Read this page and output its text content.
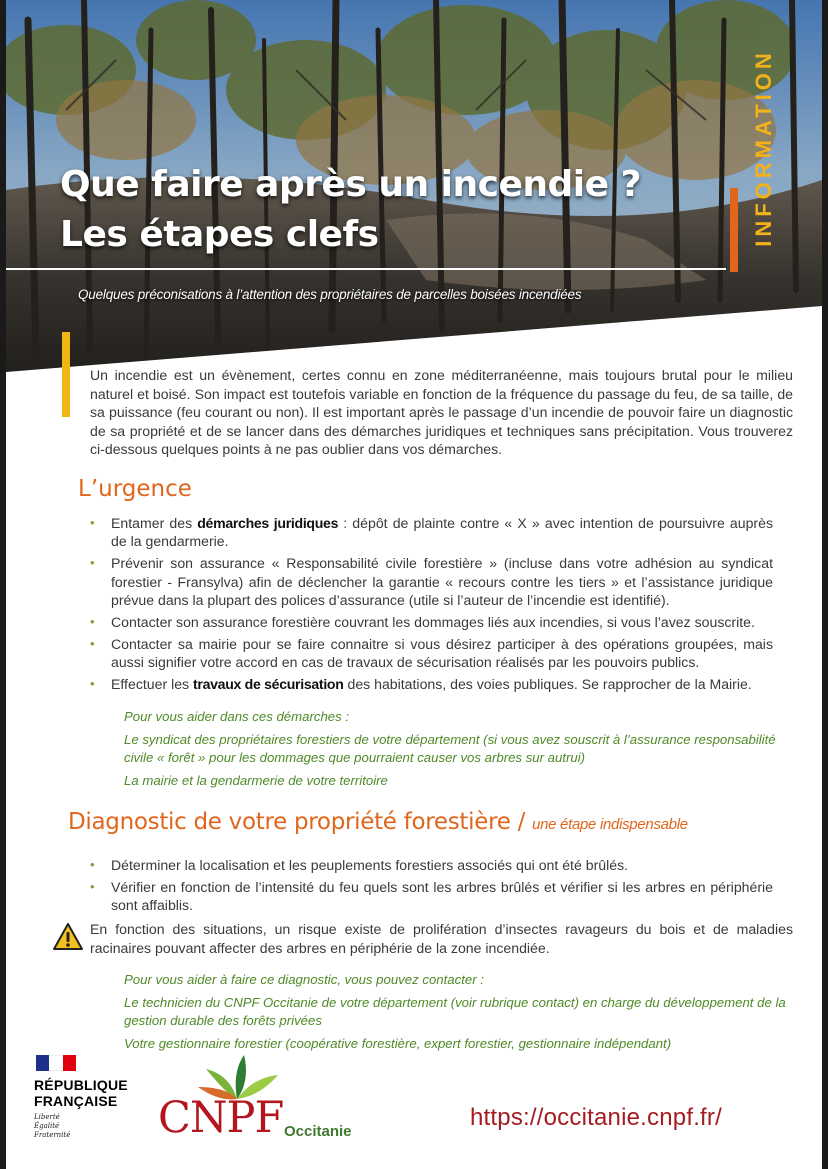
Que faire après un incendie ?
Les étapes clefs
Quelques préconisations à l’attention des propriétaires de parcelles boisées incendiées
INFORMATION

Un incendie est un évènement, certes connu en zone méditerranéenne, mais toujours brutal pour le milieu naturel et boisé. Son impact est toutefois variable en fonction de la fréquence du passage du feu, de sa taille, de sa puissance (feu courant ou non). Il est important après le passage d’un incendie de pouvoir faire un diagnostic de sa propriété et de se lancer dans des démarches juridiques et techniques sans précipitation. Vous trouverez ci-dessous quelques points à ne pas oublier dans vos démarches.

L’urgence
• Entamer des démarches juridiques : dépôt de plainte contre « X » avec intention de poursuivre auprès de la gendarmerie.
• Prévenir son assurance « Responsabilité civile forestière » (incluse dans votre adhésion au syndicat forestier - Fransylva) afin de déclencher la garantie « recours contre les tiers » et l’assistance juridique prévue dans la plupart des polices d’assurance (utile si l’auteur de l’incendie est identifié).
• Contacter son assurance forestière couvrant les dommages liés aux incendies, si vous l’avez souscrite.
• Contacter sa mairie pour se faire connaitre si vous désirez participer à des opérations groupées, mais aussi signifier votre accord en cas de travaux de sécurisation réalisés par les pouvoirs publics.
• Effectuer les travaux de sécurisation des habitations, des voies publiques. Se rapprocher de la Mairie.

Pour vous aider dans ces démarches :

Le syndicat des propriétaires forestiers de votre département (si vous avez souscrit à l’assurance responsabilité civile « forêt » pour les dommages que pourraient causer vos arbres sur autrui)

La mairie et la gendarmerie de votre territoire

Diagnostic de votre propriété forestière / une étape indispensable
• Déterminer la localisation et les peuplements forestiers associés qui ont été brûlés.
• Vérifier en fonction de l’intensité du feu quels sont les arbres brûlés et vérifier si les arbres en périphérie sont affaiblis.

En fonction des situations, un risque existe de prolifération d’insectes ravageurs du bois et de maladies racinaires pouvant affecter des arbres en périphérie de la zone incendiée.

Pour vous aider à faire ce diagnostic, vous pouvez contacter :

Le technicien du CNPF Occitanie de votre département (voir rubrique contact) en charge du développement de la gestion durable des forêts privées

Votre gestionnaire forestier (coopérative forestière, expert forestier, gestionnaire indépendant)

RÉPUBLIQUE
FRANÇAISE
Liberté
Égalité
Fraternité	CNPF Occitanie
https://occitanie.cnpf.fr/
